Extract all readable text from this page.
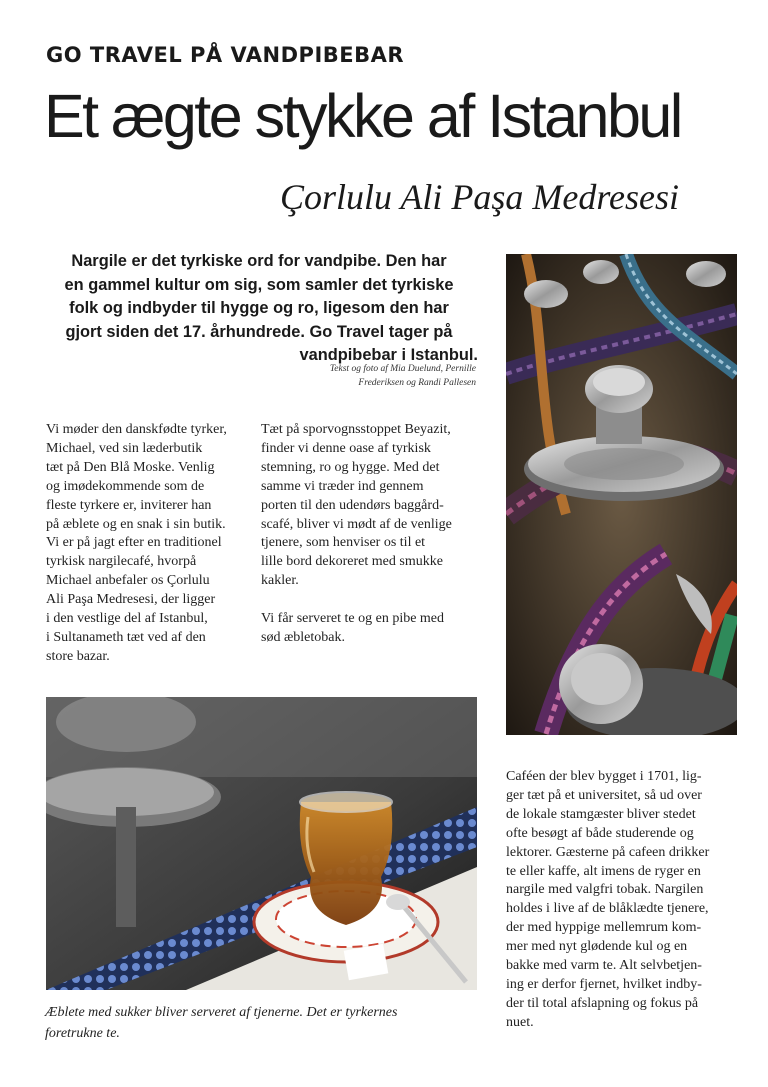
GO TRAVEL PÅ VANDPIBEBAR
Et ægte stykke af Istanbul
Çorlulu Ali Paşa Medresesi
Nargile er det tyrkiske ord for vandpibe. Den har
en gammel kultur om sig, som samler det tyrkiske
folk og indbyder til hygge og ro, ligesom den har
gjort siden det 17. århundrede. Go Travel tager på
vandpibebar i Istanbul.
Tekst og foto af Mia Duelund, Pernille
Frederiksen og Randi Pallesen
Vi møder den danskfødte tyrker,
Michael, ved sin læderbutik
tæt på Den Blå Moske. Venlig
og imødekommende som de
fleste tyrkere er, inviterer han
på æblete og en snak i sin butik.
Vi er på jagt efter en traditionel
tyrkisk nargilecafé, hvorpå
Michael anbefaler os Çorlulu
Ali Paşa Medresesi, der ligger
i den vestlige del af Istanbul,
i Sultanameth tæt ved af den
store bazar.
Tæt på sporvognsstoppet Beyazit,
finder vi denne oase af tyrkisk
stemning, ro og hygge. Med det
samme vi træder ind gennem
porten til den udendørs baggård-
scafé, bliver vi mødt af de venlige
tjenere, som henviser os til et
lille bord dekoreret med smukke
kakler.
Vi får serveret te og en pibe med
sød æbletobak.
Caféen der blev bygget i 1701, lig-
ger tæt på et universitet, så ud over
de lokale stamgæster bliver stedet
ofte besøgt af både studerende og
lektorer. Gæsterne på cafeen drikker
te eller kaffe, alt imens de ryger en
nargile med valgfri tobak. Nargilen
holdes i live af de blåklædte tjenere,
der med hyppige mellemrum kom-
mer med nyt glødende kul og en
bakke med varm te. Alt selvbetjen-
ing er derfor fjernet, hvilket indby-
der til total afslapning og fokus på
nuet.
Æblete med sukker bliver serveret af tjenerne. Det er tyrkernes
foretrukne te.
